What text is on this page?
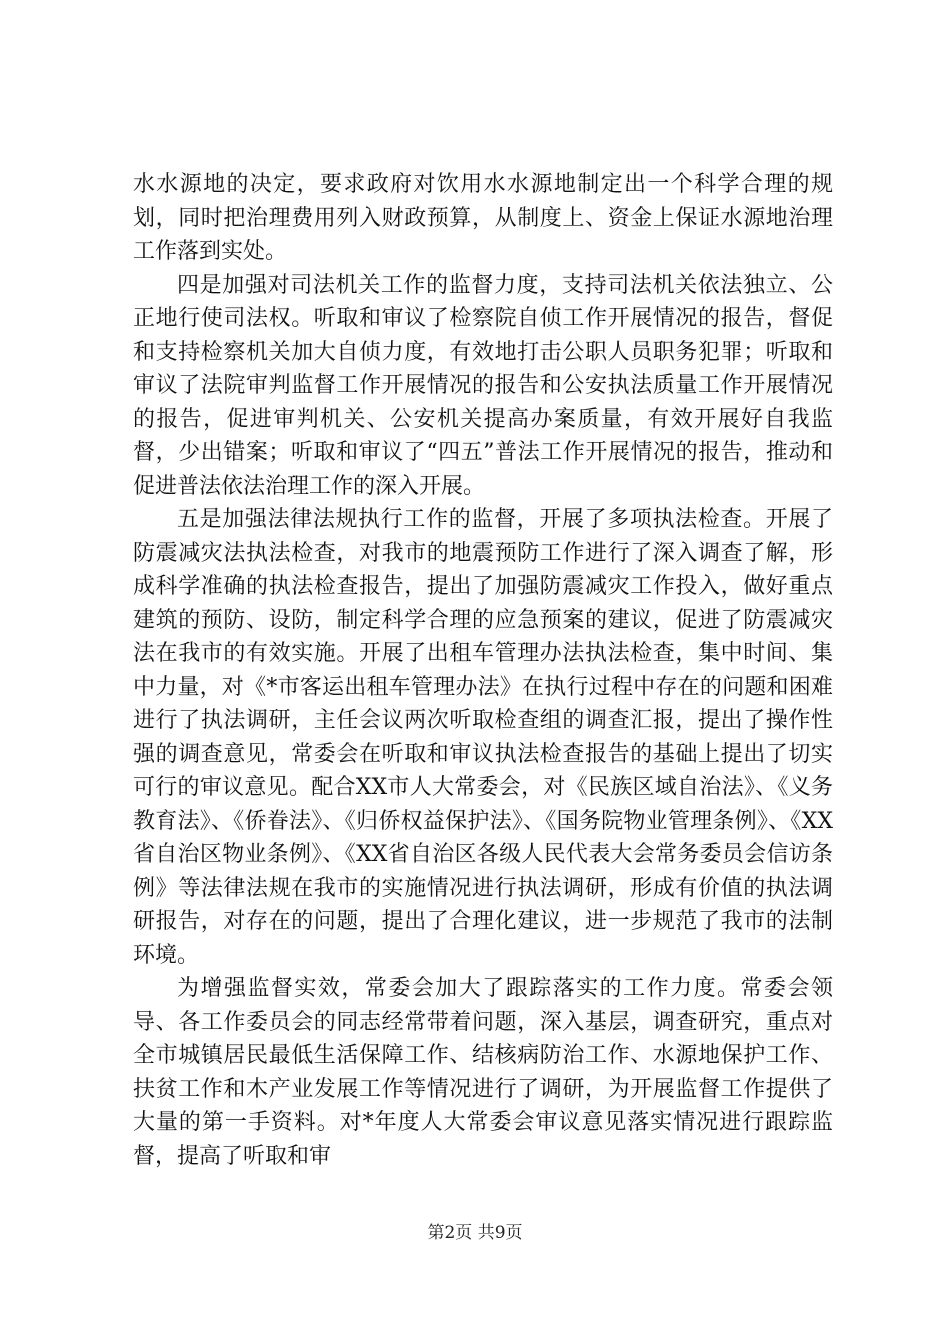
水水源地的决定，要求政府对饮用水水源地制定出一个科学合理的规划，同时把治理费用列入财政预算，从制度上、资金上保证水源地治理工作落到实处。

四是加强对司法机关工作的监督力度，支持司法机关依法独立、公正地行使司法权。听取和审议了检察院自侦工作开展情况的报告，督促和支持检察机关加大自侦力度，有效地打击公职人员职务犯罪；听取和审议了法院审判监督工作开展情况的报告和公安执法质量工作开展情况的报告，促进审判机关、公安机关提高办案质量，有效开展好自我监督，少出错案；听取和审议了“四五”普法工作开展情况的报告，推动和促进普法依法治理工作的深入开展。

五是加强法律法规执行工作的监督，开展了多项执法检查。开展了防震减灾法执法检查，对我市的地震预防工作进行了深入调查了解，形成科学准确的执法检查报告，提出了加强防震减灾工作投入，做好重点建筑的预防、设防，制定科学合理的应急预案的建议，促进了防震减灾法在我市的有效实施。开展了出租车管理办法执法检查，集中时间、集中力量，对《*市客运出租车管理办法》在执行过程中存在的问题和困难进行了执法调研，主任会议两次听取检查组的调查汇报，提出了操作性强的调查意见，常委会在听取和审议执法检查报告的基础上提出了切实可行的审议意见。配合XX市人大常委会，对《民族区域自治法》、《义务教育法》、《侨眷法》、《归侨权益保护法》、《国务院物业管理条例》、《XX省自治区物业条例》、《XX省自治区各级人民代表大会常务委员会信访条例》等法律法规在我市的实施情况进行执法调研，形成有价值的执法调研报告，对存在的问题，提出了合理化建议，进一步规范了我市的法制环境。

为增强监督实效，常委会加大了跟踪落实的工作力度。常委会领导、各工作委员会的同志经常带着问题，深入基层，调查研究，重点对全市城镇居民最低生活保障工作、结核病防治工作、水源地保护工作、扶贫工作和木产业发展工作等情况进行了调研，为开展监督工作提供了大量的第一手资料。对*年度人大常委会审议意见落实情况进行跟踪监督，提高了听取和审

第2页 共9页
